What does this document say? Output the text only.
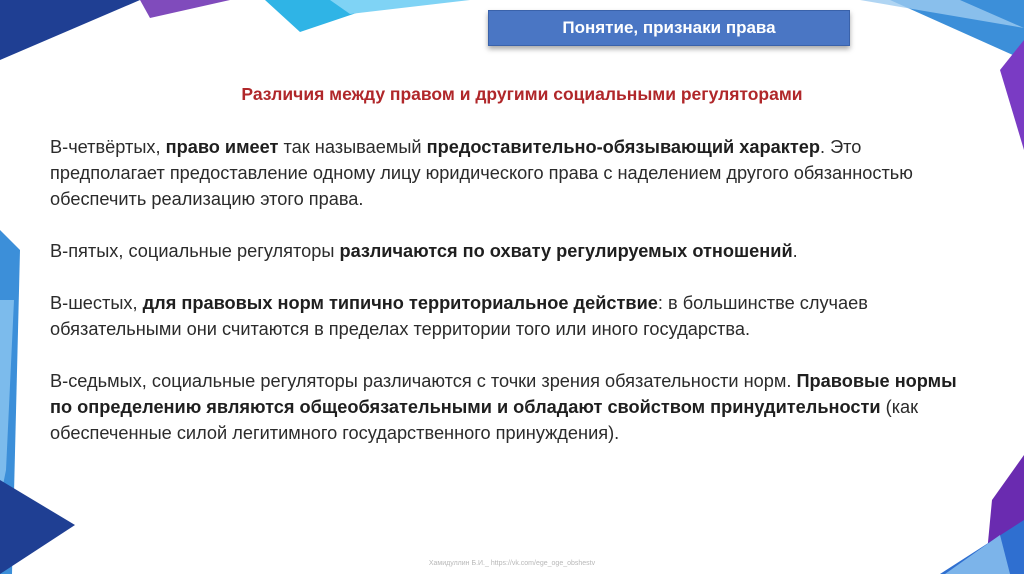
Понятие, признаки права
Различия между правом и другими социальными регуляторами

В-четвёртых, право имеет так называемый предоставительно-обязывающий характер. Это предполагает предоставление одному лицу юридического права с наделением другого обязанностью обеспечить реализацию этого права.

В-пятых, социальные регуляторы различаются по охвату регулируемых отношений.

В-шестых, для правовых норм типично территориальное действие: в большинстве случаев обязательными они считаются в пределах территории того или иного государства.

В-седьмых, социальные регуляторы различаются с точки зрения обязательности норм. Правовые нормы по определению являются общеобязательными и обладают свойством принудительности (как обеспеченные силой легитимного государственного принуждения).

Хамидуллин Б.И._ https://vk.com/ege_oge_obshestv
